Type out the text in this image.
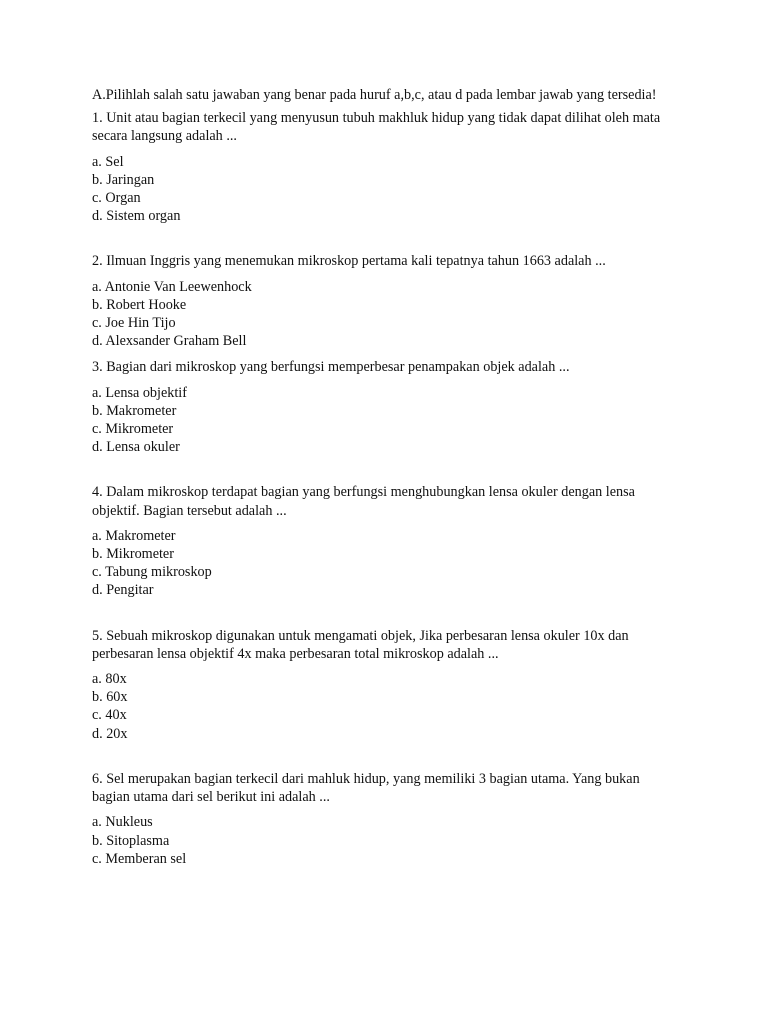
A.Pilihlah salah satu jawaban yang benar pada huruf a,b,c, atau d pada lembar jawab yang tersedia!

1. Unit atau bagian terkecil yang menyusun tubuh makhluk hidup yang tidak dapat dilihat oleh mata secara langsung adalah ...

a. Sel
b. Jaringan
c. Organ
d. Sistem organ

2. Ilmuan Inggris yang menemukan mikroskop pertama kali tepatnya tahun 1663 adalah ...

a. Antonie Van Leewenhock
b. Robert Hooke
c. Joe Hin Tijo
d. Alexsander Graham Bell

3. Bagian dari mikroskop yang berfungsi memperbesar penampakan objek adalah ...

a. Lensa objektif
b. Makrometer
c. Mikrometer
d. Lensa okuler

4. Dalam mikroskop terdapat bagian yang berfungsi menghubungkan lensa okuler dengan lensa objektif. Bagian tersebut adalah ...

a. Makrometer
b. Mikrometer
c. Tabung mikroskop
d. Pengitar

5. Sebuah mikroskop digunakan untuk mengamati objek, Jika perbesaran lensa okuler 10x dan perbesaran lensa objektif 4x maka perbesaran total mikroskop adalah ...

a. 80x
b. 60x
c. 40x
d. 20x

6. Sel merupakan bagian terkecil dari mahluk hidup, yang memiliki 3 bagian utama. Yang bukan bagian utama dari sel berikut ini adalah ...

a. Nukleus
b. Sitoplasma
c. Memberan sel
